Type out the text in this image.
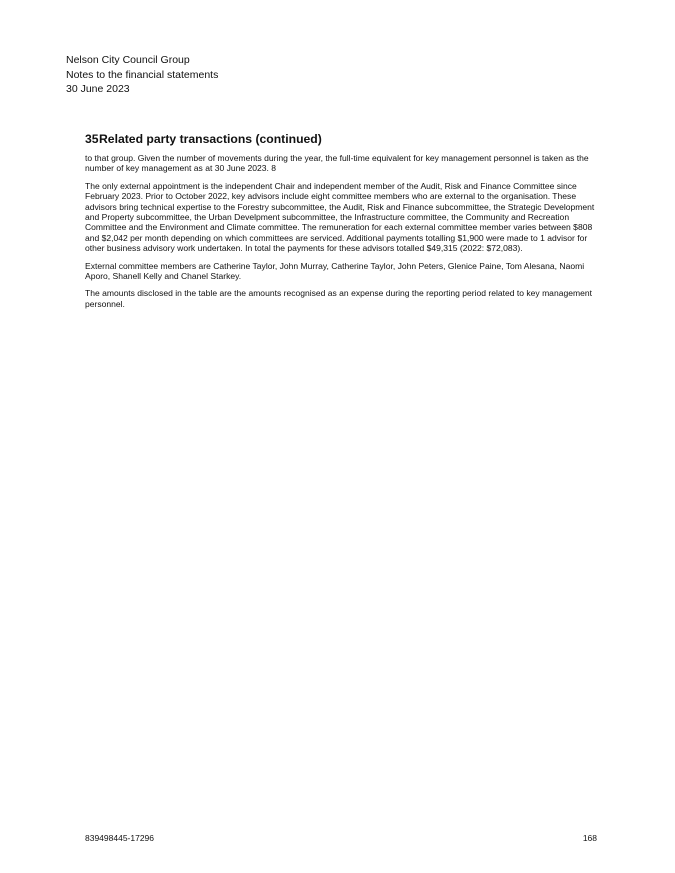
Nelson City Council Group
Notes to the financial statements
30 June 2023
35Related party transactions (continued)

to that group. Given the number of movements during the year, the full-time equivalent for key management personnel is taken as the number of key management as at 30 June 2023. 8

The only external appointment is the independent Chair and independent member of the Audit, Risk and Finance Committee since February 2023. Prior to October 2022, key advisors include eight committee members who are external to the organisation. These advisors bring technical expertise to the Forestry subcommittee, the Audit, Risk and Finance subcommittee, the Strategic Development and Property subcommittee, the Urban Develpment subcommittee, the Infrastructure committee, the Community and Recreation Committee and the Environment and Climate committee. The remuneration for each external committee member varies between $808 and $2,042 per month depending on which committees are serviced. Additional payments totalling $1,900 were made to 1 advisor for other business advisory work undertaken. In total the payments for these advisors totalled $49,315 (2022: $72,083).

External committee members are Catherine Taylor, John Murray, Catherine Taylor, John Peters, Glenice Paine, Tom Alesana, Naomi Aporo, Shanell Kelly and Chanel Starkey.

The amounts disclosed in the table are the amounts recognised as an expense during the reporting period related to key management personnel.

839498445-17296	168
